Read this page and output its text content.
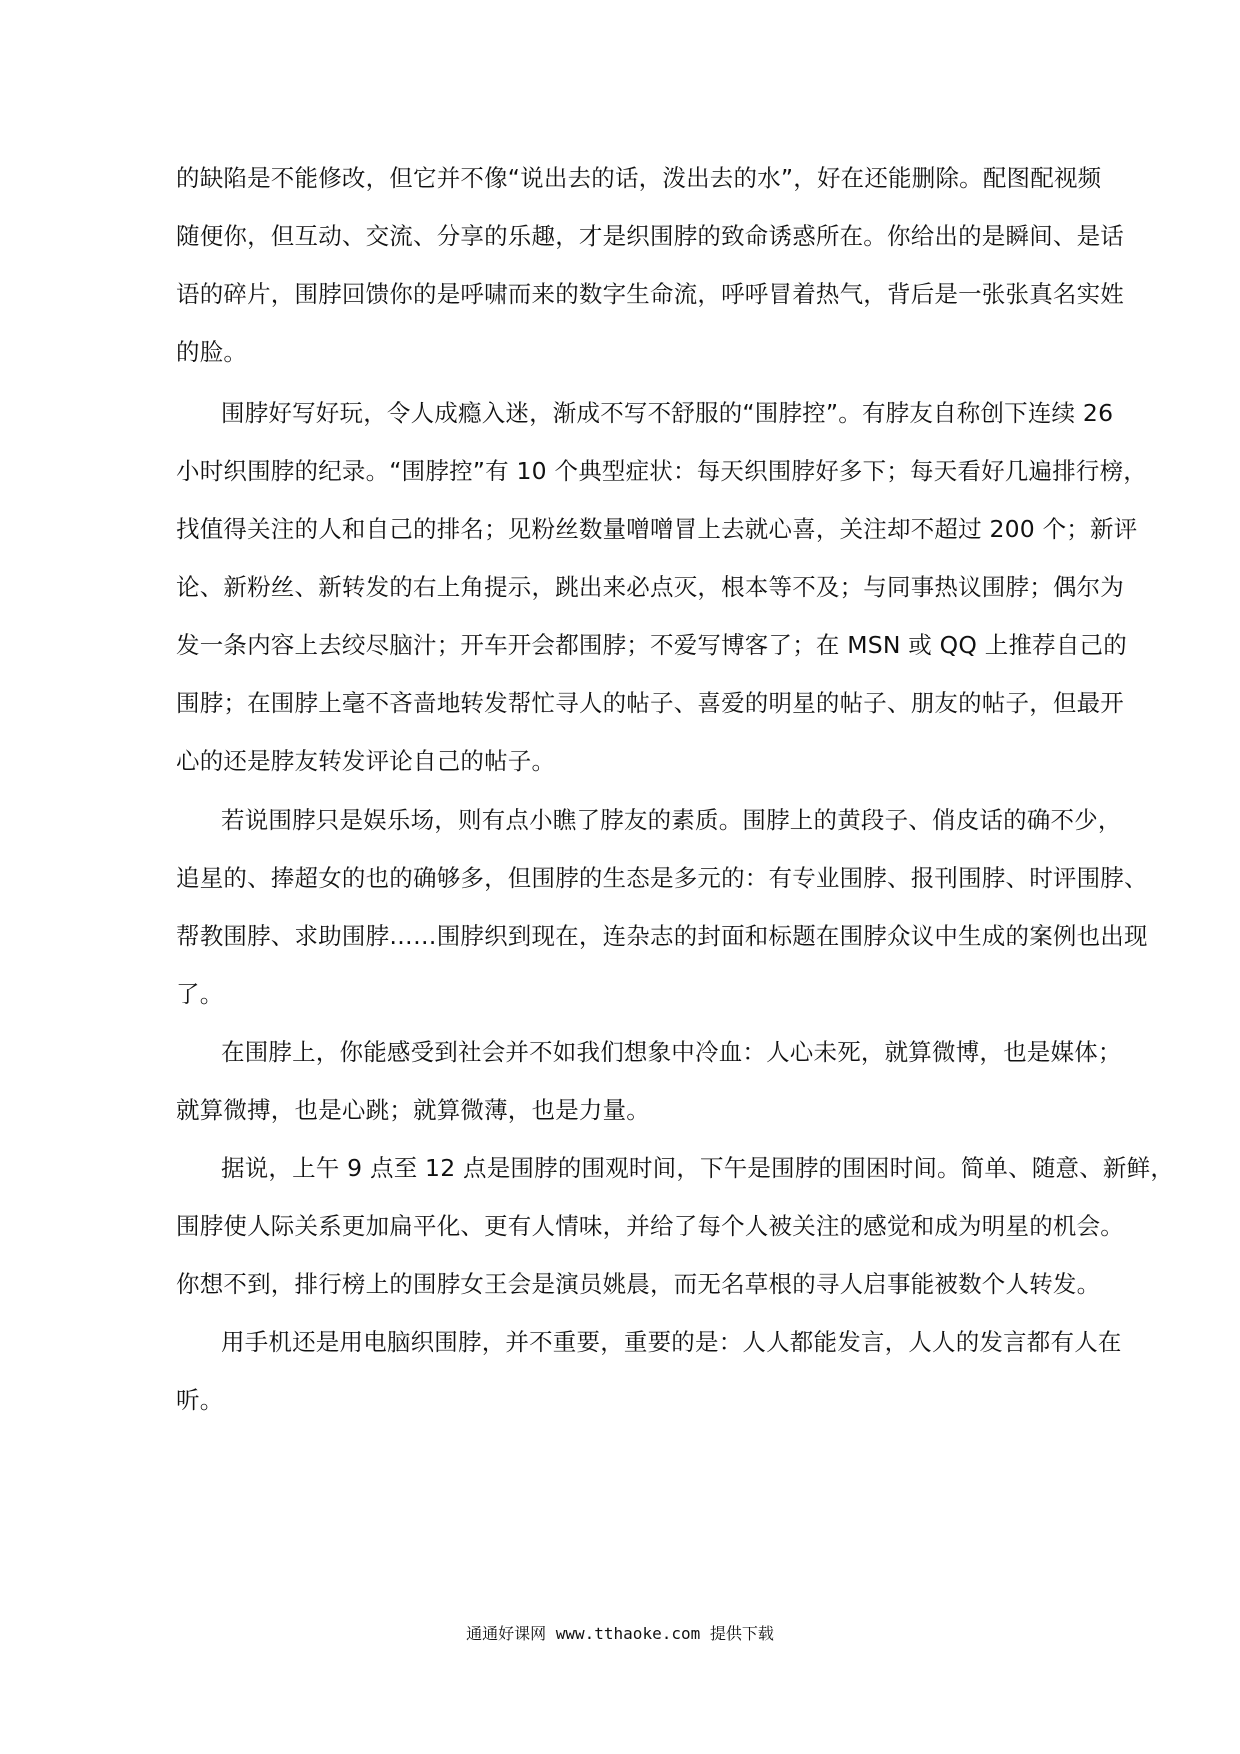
的缺陷是不能修改，但它并不像“说出去的话，泼出去的水”，好在还能删除。配图配视频
随便你，但互动、交流、分享的乐趣，才是织围脖的致命诱惑所在。你给出的是瞬间、是话
语的碎片，围脖回馈你的是呼啸而来的数字生命流，呼呼冒着热气，背后是一张张真名实姓
的脸。
围脖好写好玩，令人成瘾入迷，渐成不写不舒服的“围脖控”。有脖友自称创下连续 26
小时织围脖的纪录。“围脖控”有 10 个典型症状：每天织围脖好多下；每天看好几遍排行榜，
找值得关注的人和自己的排名；见粉丝数量噌噌冒上去就心喜，关注却不超过 200 个；新评
论、新粉丝、新转发的右上角提示，跳出来必点灭，根本等不及；与同事热议围脖；偶尔为
发一条内容上去绞尽脑汁；开车开会都围脖；不爱写博客了；在 MSN 或 QQ 上推荐自己的
围脖；在围脖上毫不吝啬地转发帮忙寻人的帖子、喜爱的明星的帖子、朋友的帖子，但最开
心的还是脖友转发评论自己的帖子。
若说围脖只是娱乐场，则有点小瞧了脖友的素质。围脖上的黄段子、俏皮话的确不少，
追星的、捧超女的也的确够多，但围脖的生态是多元的：有专业围脖、报刊围脖、时评围脖、
帮教围脖、求助围脖……围脖织到现在，连杂志的封面和标题在围脖众议中生成的案例也出现
了。
在围脖上，你能感受到社会并不如我们想象中冷血：人心未死，就算微博，也是媒体；
就算微搏，也是心跳；就算微薄，也是力量。
据说，上午 9 点至 12 点是围脖的围观时间，下午是围脖的围困时间。简单、随意、新鲜，
围脖使人际关系更加扁平化、更有人情味，并给了每个人被关注的感觉和成为明星的机会。
你想不到，排行榜上的围脖女王会是演员姚晨，而无名草根的寻人启事能被数个人转发。
用手机还是用电脑织围脖，并不重要，重要的是：人人都能发言，人人的发言都有人在
听。
通通好课网 www.tthaoke.com 提供下载
